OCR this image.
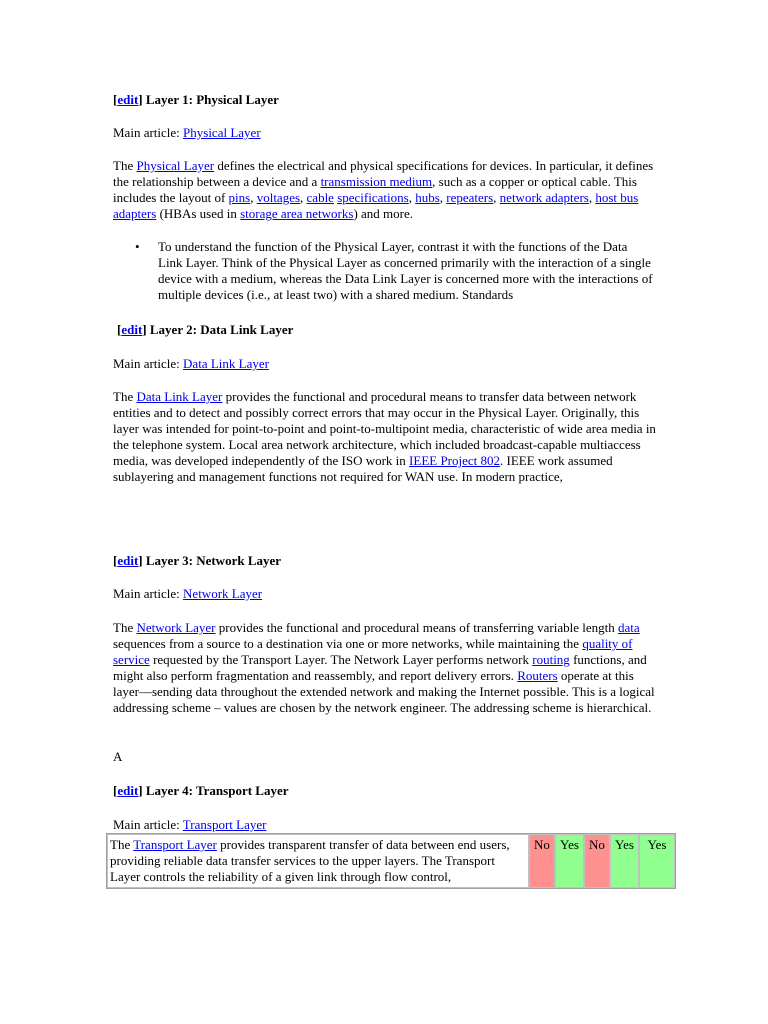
[edit] Layer 1: Physical Layer
Main article: Physical Layer

The Physical Layer defines the electrical and physical specifications for devices. In particular, it defines the relationship between a device and a transmission medium, such as a copper or optical cable. This includes the layout of pins, voltages, cable specifications, hubs, repeaters, network adapters, host bus adapters (HBAs used in storage area networks) and more.

• To understand the function of the Physical Layer, contrast it with the functions of the Data Link Layer. Think of the Physical Layer as concerned primarily with the interaction of a single device with a medium, whereas the Data Link Layer is concerned more with the interactions of multiple devices (i.e., at least two) with a shared medium. Standards
[edit] Layer 2: Data Link Layer
Main article: Data Link Layer

The Data Link Layer provides the functional and procedural means to transfer data between network entities and to detect and possibly correct errors that may occur in the Physical Layer. Originally, this layer was intended for point-to-point and point-to-multipoint media, characteristic of wide area media in the telephone system. Local area network architecture, which included broadcast-capable multiaccess media, was developed independently of the ISO work in IEEE Project 802. IEEE work assumed sublayering and management functions not required for WAN use. In modern practice,

[edit] Layer 3: Network Layer
Main article: Network Layer

The Network Layer provides the functional and procedural means of transferring variable length data sequences from a source to a destination via one or more networks, while maintaining the quality of service requested by the Transport Layer. The Network Layer performs network routing functions, and might also perform fragmentation and reassembly, and report delivery errors. Routers operate at this layer—sending data throughout the extended network and making the Internet possible. This is a logical addressing scheme – values are chosen by the network engineer. The addressing scheme is hierarchical.

A
[edit] Layer 4: Transport Layer
Main article: Transport Layer
The Transport Layer provides transparent transfer of data between end users, providing reliable data transfer services to the upper layers. The Transport Layer controls the reliability of a given link through flow control,	No	Yes	No	Yes	Yes
